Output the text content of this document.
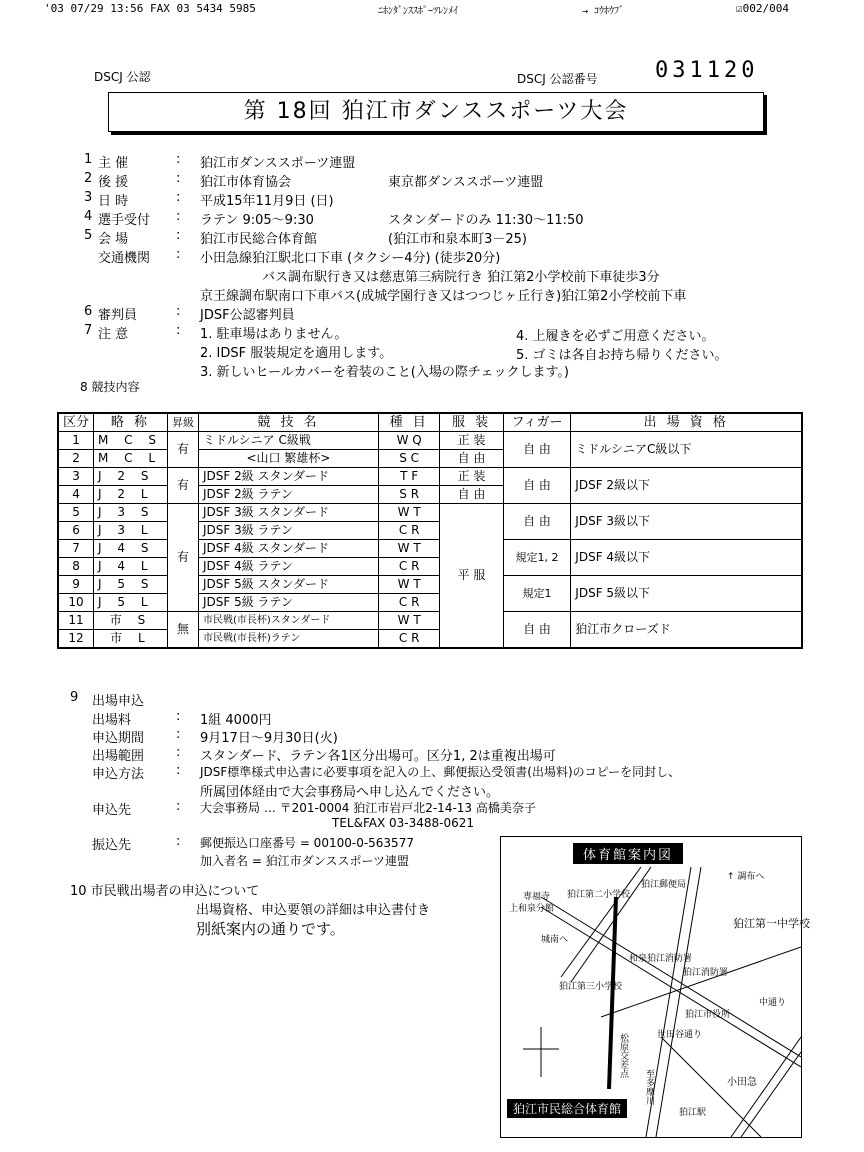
'03 07/29 13:56 FAX 03 5434 5985	ﾆﾎﾝﾀﾞﾝｽｽﾎﾟｰﾂﾚﾝﾒｲ	→ ｺｳﾎｳﾌﾞ	☑002/004
DSCJ 公認	DSCJ 公認番号	031120
第 18回 狛江市ダンススポーツ大会
1 主 催	: 狛江市ダンススポーツ連盟
2 後 援	: 狛江市体育協会	東京都ダンススポーツ連盟
3 日 時	: 平成15年11月9日 (日)
4 選手受付 : ラテン 9:05～9:30	スタンダードのみ 11:30～11:50
5 会 場	: 狛江市民総合体育館	(狛江市和泉本町3－25)
交通機関 : 小田急線狛江駅北口下車 (タクシー4分) (徒歩20分)
バス調布駅行き又は慈恵第三病院行き 狛江第2小学校前下車徒歩3分
京王線調布駅南口下車バス(成城学園行き又はつつじヶ丘行き)狛江第2小学校前下車
6 審判員	: JDSF公認審判員
7 注 意	: 1. 駐車場はありません。
2. IDSF 服装規定を適用します。
3. 新しいヒールカバーを着装のこと(入場の際チェックします。)
4. 上履きを必ずご用意ください。
5. ゴミは各自お持ち帰りください。
8 競技内容
区分	略 称	昇級	競 技 名	種 目	服 装	フィガー	出 場 資 格
1	M C S	有	ミドルシニア C級戦	W Q	正 装	自 由	ミドルシニアC級以下
2	M C L		<山口 繁雄杯>	S C	自 由		
3	J 2 S	有	JDSF 2級 スタンダード	T F	正 装	自 由	JDSF 2級以下
4	J 2 L		JDSF 2級 ラテン	S R	自 由		
5	J 3 S	有	JDSF 3級 スタンダード	W T	平 服	自 由	JDSF 3級以下
6	J 3 L		JDSF 3級 ラテン	C R			
7	J 4 S		JDSF 4級 スタンダード	W T		規定1, 2	JDSF 4級以下
8	J 4 L		JDSF 4級 ラテン	C R			
9	J 5 S		JDSF 5級 スタンダード	W T		規定1	JDSF 5級以下
10	J 5 L		JDSF 5級 ラテン	C R			
11	市 S	無	市民戦(市長杯)スタンダード	W T		自 由	狛江市クローズド
12	市 L		市民戦(市長杯)ラテン	C R			
9 出場申込
出場料	: 1組 4000円
申込期間 : 9月17日～9月30日(火)
出場範囲 : スタンダード、ラテン各1区分出場可。区分1, 2は重複出場可
申込方法 : JDSF標準様式申込書に必要事項を記入の上、郵便振込受領書(出場料)のコピーを同封し、
所属団体経由で大会事務局へ申し込んでください。
申込先	: 大会事務局 … 〒201-0004 狛江市岩戸北2-14-13 高橋美奈子
TEL&FAX 03-3488-0621
振込先	: 郵便振込口座番号 = 00100-0-563577
加入者名 = 狛江市ダンススポーツ連盟
10 市民戦出場者の申込について
出場資格、申込要領の詳細は申込書付き
別紙案内の通りです。
体育館案内図
↑ 調布へ
狛江郵便局
狛江第一中学校
狛江第二小学校
専福寺
上和泉分館
城南へ
和泉狛江消防署
狛江消防署
中通り
狛江第三小学校
狛江市役所
松原交差点	世田谷通り
至多摩川	小田急
狛江駅
狛江市民総合体育館
